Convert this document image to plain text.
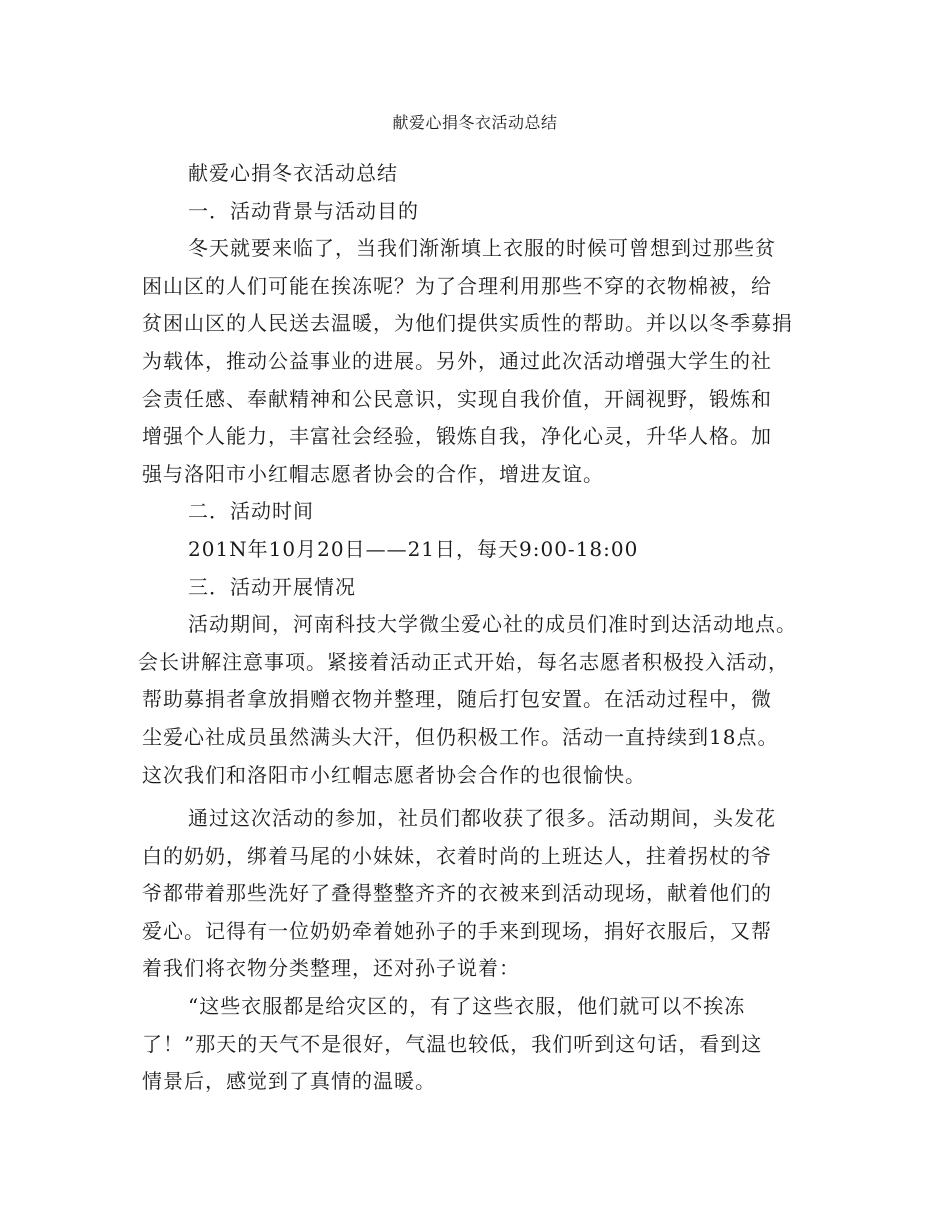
献爱心捐冬衣活动总结
献爱心捐冬衣活动总结
一．活动背景与活动目的
冬天就要来临了，当我们渐渐填上衣服的时候可曾想到过那些贫
困山区的人们可能在挨冻呢？为了合理利用那些不穿的衣物棉被，给
贫困山区的人民送去温暖，为他们提供实质性的帮助。并以以冬季募捐
为载体，推动公益事业的进展。另外，通过此次活动增强大学生的社
会责任感、奉献精神和公民意识，实现自我价值，开阔视野，锻炼和
增强个人能力，丰富社会经验，锻炼自我，净化心灵，升华人格。加
强与洛阳市小红帽志愿者协会的合作，增进友谊。
二．活动时间
201N年10月20日——21日，每天9:00-18:00
三．活动开展情况
活动期间，河南科技大学微尘爱心社的成员们准时到达活动地点。
会长讲解注意事项。紧接着活动正式开始，每名志愿者积极投入活动，
帮助募捐者拿放捐赠衣物并整理，随后打包安置。在活动过程中，微
尘爱心社成员虽然满头大汗，但仍积极工作。活动一直持续到18点。
这次我们和洛阳市小红帽志愿者协会合作的也很愉快。
通过这次活动的参加，社员们都收获了很多。活动期间，头发花
白的奶奶，绑着马尾的小妹妹，衣着时尚的上班达人，拄着拐杖的爷
爷都带着那些洗好了叠得整整齐齐的衣被来到活动现场，献着他们的
爱心。记得有一位奶奶牵着她孙子的手来到现场，捐好衣服后，又帮
着我们将衣物分类整理，还对孙子说着：
“这些衣服都是给灾区的，有了这些衣服，他们就可以不挨冻
了！”那天的天气不是很好，气温也较低，我们听到这句话，看到这
情景后，感觉到了真情的温暖。
